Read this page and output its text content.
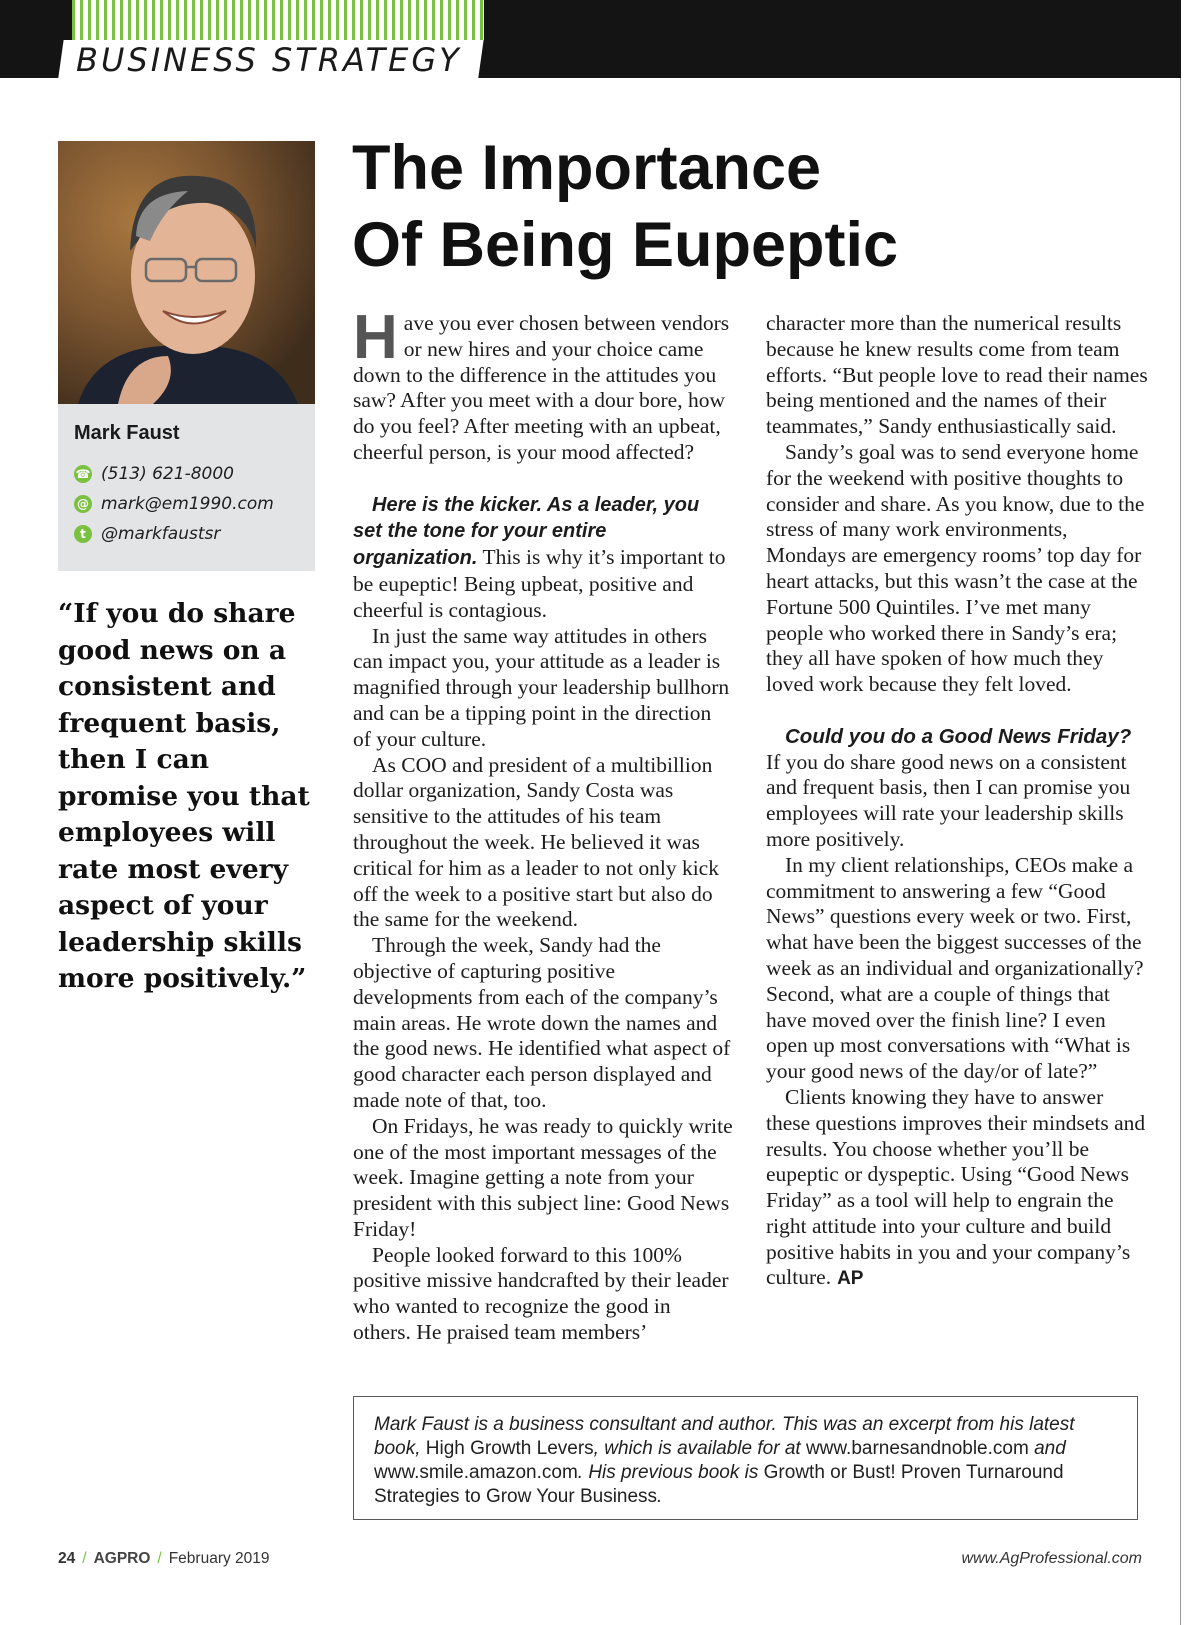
BUSINESS STRATEGY
Mark Faust
☎ (513) 621-8000
@ mark@em1990.com
t @markfaustsr
“If you do share good news on a consistent and frequent basis, then I can promise you that employees will rate most every aspect of your leadership skills more positively.”
The Importance
Of Being Eupeptic

Have you ever chosen between vendors or new hires and your choice came down to the difference in the attitudes you saw? After you meet with a dour bore, how do you feel? After meeting with an upbeat, cheerful person, is your mood affected?

Here is the kicker. As a leader, you set the tone for your entire organization. This is why it’s important to be eupeptic! Being upbeat, positive and cheerful is contagious.

In just the same way attitudes in others can impact you, your attitude as a leader is magnified through your leadership bullhorn and can be a tipping point in the direction of your culture.

As COO and president of a multibillion dollar organization, Sandy Costa was sensitive to the attitudes of his team throughout the week. He believed it was critical for him as a leader to not only kick off the week to a positive start but also do the same for the weekend.

Through the week, Sandy had the objective of capturing positive developments from each of the company’s main areas. He wrote down the names and the good news. He identified what aspect of good character each person displayed and made note of that, too.

On Fridays, he was ready to quickly write one of the most important messages of the week. Imagine getting a note from your president with this subject line: Good News Friday!

People looked forward to this 100% positive missive handcrafted by their leader who wanted to recognize the good in others. He praised team members’

character more than the numerical results because he knew results come from team efforts. “But people love to read their names being mentioned and the names of their teammates,” Sandy enthusiastically said.

Sandy’s goal was to send everyone home for the weekend with positive thoughts to consider and share. As you know, due to the stress of many work environments, Mondays are emergency rooms’ top day for heart attacks, but this wasn’t the case at the Fortune 500 Quintiles. I’ve met many people who worked there in Sandy’s era; they all have spoken of how much they loved work because they felt loved.

Could you do a Good News Friday?

If you do share good news on a consistent and frequent basis, then I can promise you employees will rate your leadership skills more positively.

In my client relationships, CEOs make a commitment to answering a few “Good News” questions every week or two. First, what have been the biggest successes of the week as an individual and organizationally? Second, what are a couple of things that have moved over the finish line? I even open up most conversations with “What is your good news of the day/or of late?”

Clients knowing they have to answer these questions improves their mindsets and results. You choose whether you’ll be eupeptic or dyspeptic. Using “Good News Friday” as a tool will help to engrain the right attitude into your culture and build positive habits in you and your company’s culture. AP

Mark Faust is a business consultant and author. This was an excerpt from his latest book, High Growth Levers, which is available for at www.barnesandnoble.com and www.smile.amazon.com. His previous book is Growth or Bust! Proven Turnaround Strategies to Grow Your Business.
24 / AGPRO / February 2019	www.AgProfessional.com
